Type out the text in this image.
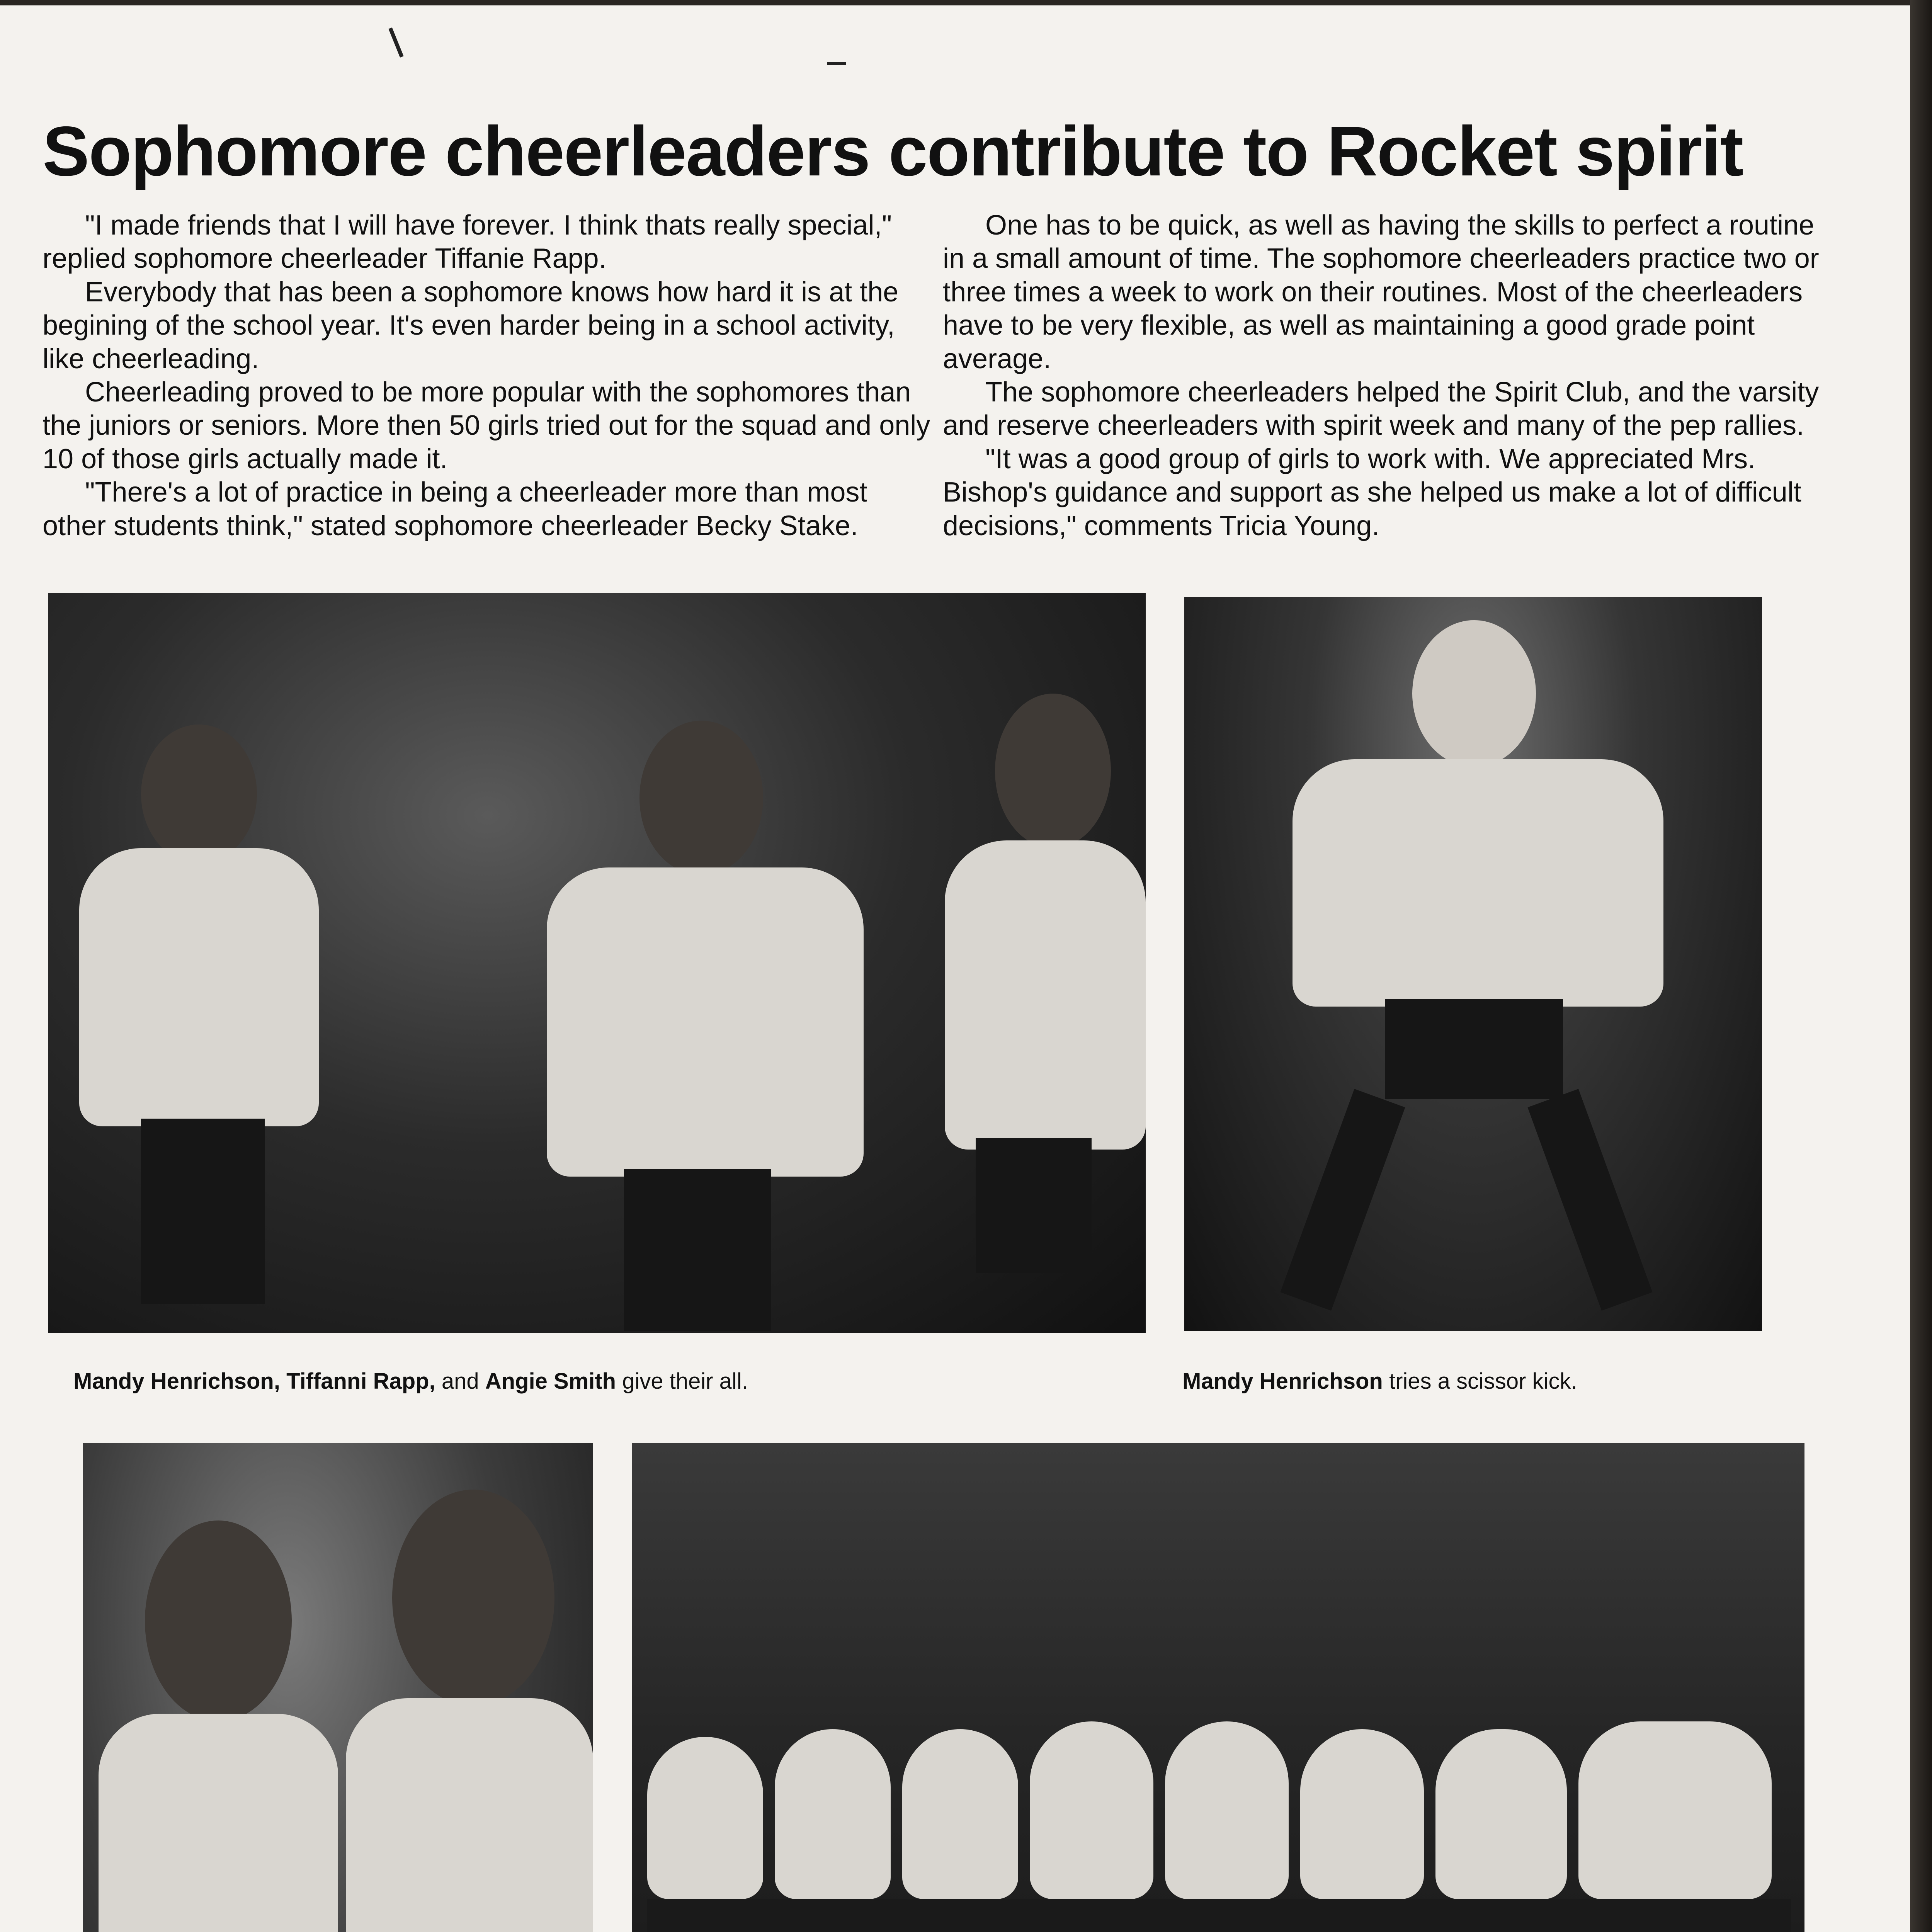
Sophomore cheerleaders contribute to Rocket spirit

"I made friends that I will have forever. I think thats really special," replied sophomore cheerleader Tiffanie Rapp.

Everybody that has been a sophomore knows how hard it is at the begining of the school year. It's even harder being in a school activity, like cheerleading.

Cheerleading proved to be more popular with the sophomores than the juniors or seniors. More then 50 girls tried out for the squad and only 10 of those girls actually made it.

"There's a lot of practice in being a cheerleader more than most other students think," stated sophomore cheerleader Becky Stake.

One has to be quick, as well as having the skills to perfect a routine in a small amount of time. The sophomore cheerleaders practice two or three times a week to work on their routines. Most of the cheerleaders have to be very flexible, as well as maintaining a good grade point average.

The sophomore cheerleaders helped the Spirit Club, and the varsity and reserve cheerleaders with spirit week and many of the pep rallies.

"It was a good group of girls to work with. We appreciated Mrs. Bishop's guidance and support as she helped us make a lot of difficult decisions," comments Tricia Young.

Mandy Henrichson, Tiffanni Rapp, and Angie Smith give their all.	Mandy Henrichson tries a scissor kick.
